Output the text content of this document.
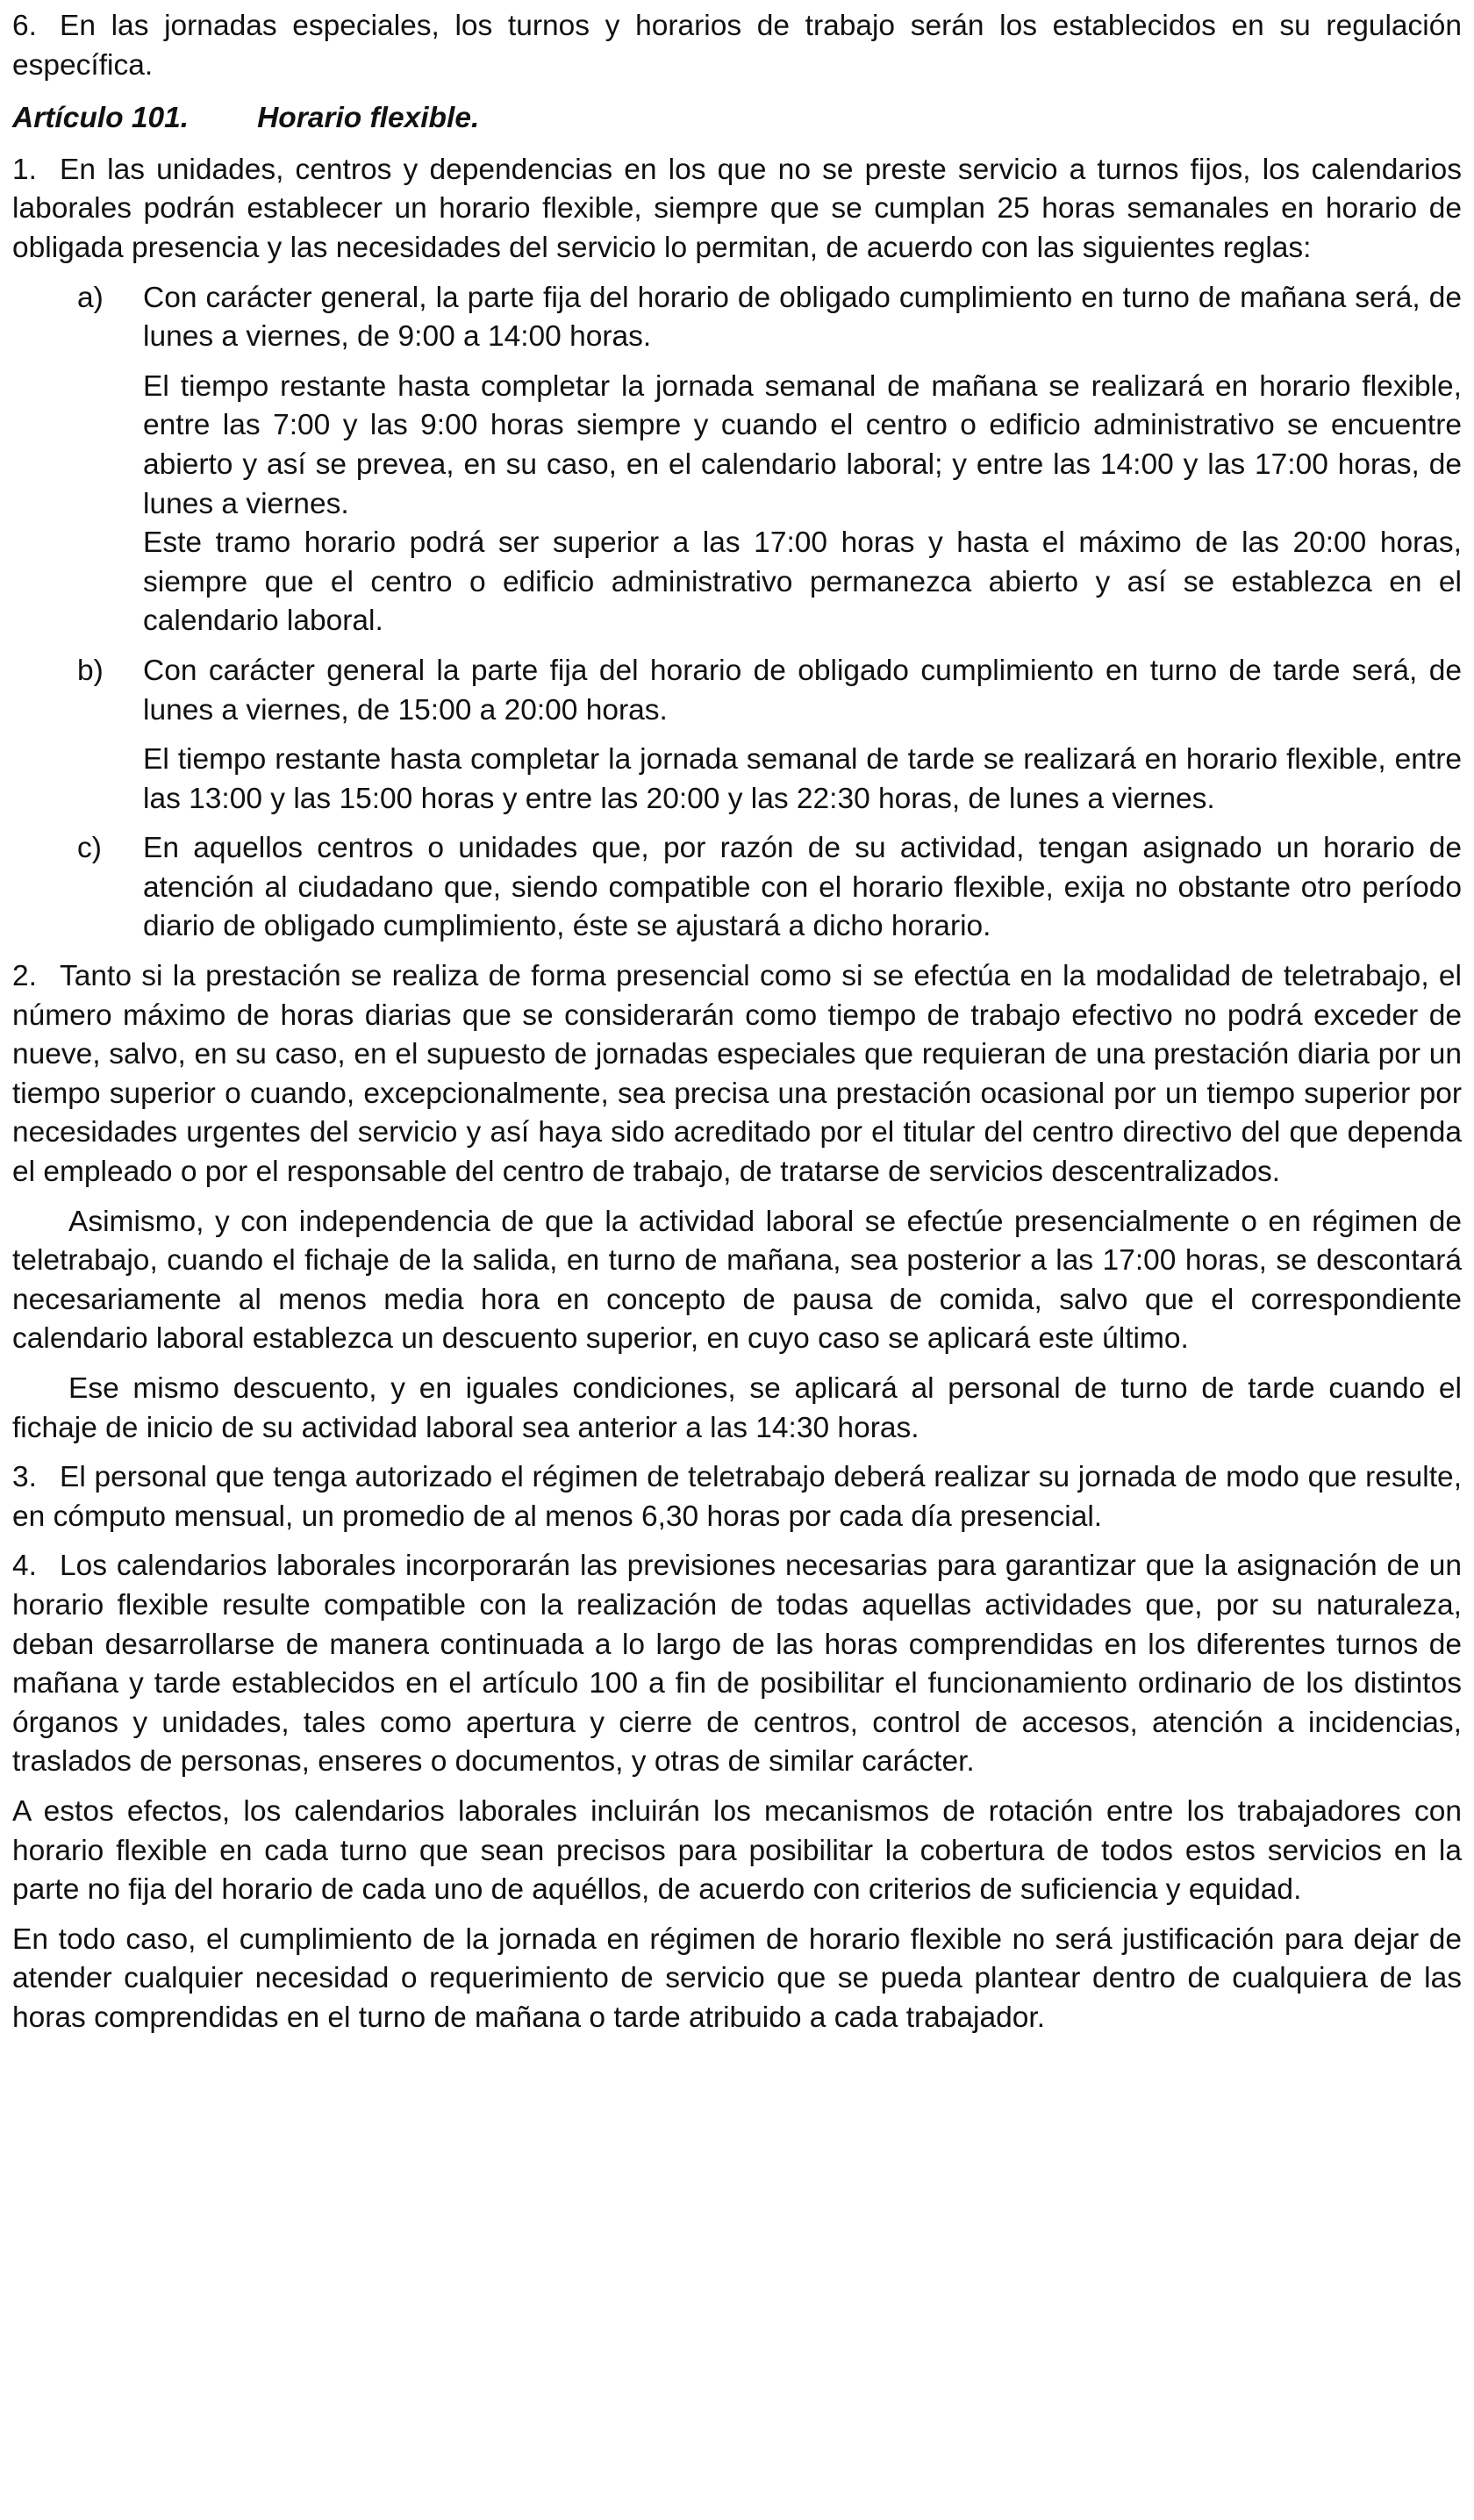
6. En las jornadas especiales, los turnos y horarios de trabajo serán los establecidos en su regulación específica.

Artículo 101. Horario flexible.

1. En las unidades, centros y dependencias en los que no se preste servicio a turnos fijos, los calendarios laborales podrán establecer un horario flexible, siempre que se cumplan 25 horas semanales en horario de obligada presencia y las necesidades del servicio lo permitan, de acuerdo con las siguientes reglas:

a) Con carácter general, la parte fija del horario de obligado cumplimiento en turno de mañana será, de lunes a viernes, de 9:00 a 14:00 horas.

El tiempo restante hasta completar la jornada semanal de mañana se realizará en horario flexible, entre las 7:00 y las 9:00 horas siempre y cuando el centro o edificio administrativo se encuentre abierto y así se prevea, en su caso, en el calendario laboral; y entre las 14:00 y las 17:00 horas, de lunes a viernes.

Este tramo horario podrá ser superior a las 17:00 horas y hasta el máximo de las 20:00 horas, siempre que el centro o edificio administrativo permanezca abierto y así se establezca en el calendario laboral.

b) Con carácter general la parte fija del horario de obligado cumplimiento en turno de tarde será, de lunes a viernes, de 15:00 a 20:00 horas.

El tiempo restante hasta completar la jornada semanal de tarde se realizará en horario flexible, entre las 13:00 y las 15:00 horas y entre las 20:00 y las 22:30 horas, de lunes a viernes.

c) En aquellos centros o unidades que, por razón de su actividad, tengan asignado un horario de atención al ciudadano que, siendo compatible con el horario flexible, exija no obstante otro período diario de obligado cumplimiento, éste se ajustará a dicho horario.

2. Tanto si la prestación se realiza de forma presencial como si se efectúa en la modalidad de teletrabajo, el número máximo de horas diarias que se considerarán como tiempo de trabajo efectivo no podrá exceder de nueve, salvo, en su caso, en el supuesto de jornadas especiales que requieran de una prestación diaria por un tiempo superior o cuando, excepcionalmente, sea precisa una prestación ocasional por un tiempo superior por necesidades urgentes del servicio y así haya sido acreditado por el titular del centro directivo del que dependa el empleado o por el responsable del centro de trabajo, de tratarse de servicios descentralizados.

Asimismo, y con independencia de que la actividad laboral se efectúe presencialmente o en régimen de teletrabajo, cuando el fichaje de la salida, en turno de mañana, sea posterior a las 17:00 horas, se descontará necesariamente al menos media hora en concepto de pausa de comida, salvo que el correspondiente calendario laboral establezca un descuento superior, en cuyo caso se aplicará este último.

Ese mismo descuento, y en iguales condiciones, se aplicará al personal de turno de tarde cuando el fichaje de inicio de su actividad laboral sea anterior a las 14:30 horas.

3. El personal que tenga autorizado el régimen de teletrabajo deberá realizar su jornada de modo que resulte, en cómputo mensual, un promedio de al menos 6,30 horas por cada día presencial.

4. Los calendarios laborales incorporarán las previsiones necesarias para garantizar que la asignación de un horario flexible resulte compatible con la realización de todas aquellas actividades que, por su naturaleza, deban desarrollarse de manera continuada a lo largo de las horas comprendidas en los diferentes turnos de mañana y tarde establecidos en el artículo 100 a fin de posibilitar el funcionamiento ordinario de los distintos órganos y unidades, tales como apertura y cierre de centros, control de accesos, atención a incidencias, traslados de personas, enseres o documentos, y otras de similar carácter.

A estos efectos, los calendarios laborales incluirán los mecanismos de rotación entre los trabajadores con horario flexible en cada turno que sean precisos para posibilitar la cobertura de todos estos servicios en la parte no fija del horario de cada uno de aquéllos, de acuerdo con criterios de suficiencia y equidad.

En todo caso, el cumplimiento de la jornada en régimen de horario flexible no será justificación para dejar de atender cualquier necesidad o requerimiento de servicio que se pueda plantear dentro de cualquiera de las horas comprendidas en el turno de mañana o tarde atribuido a cada trabajador.
